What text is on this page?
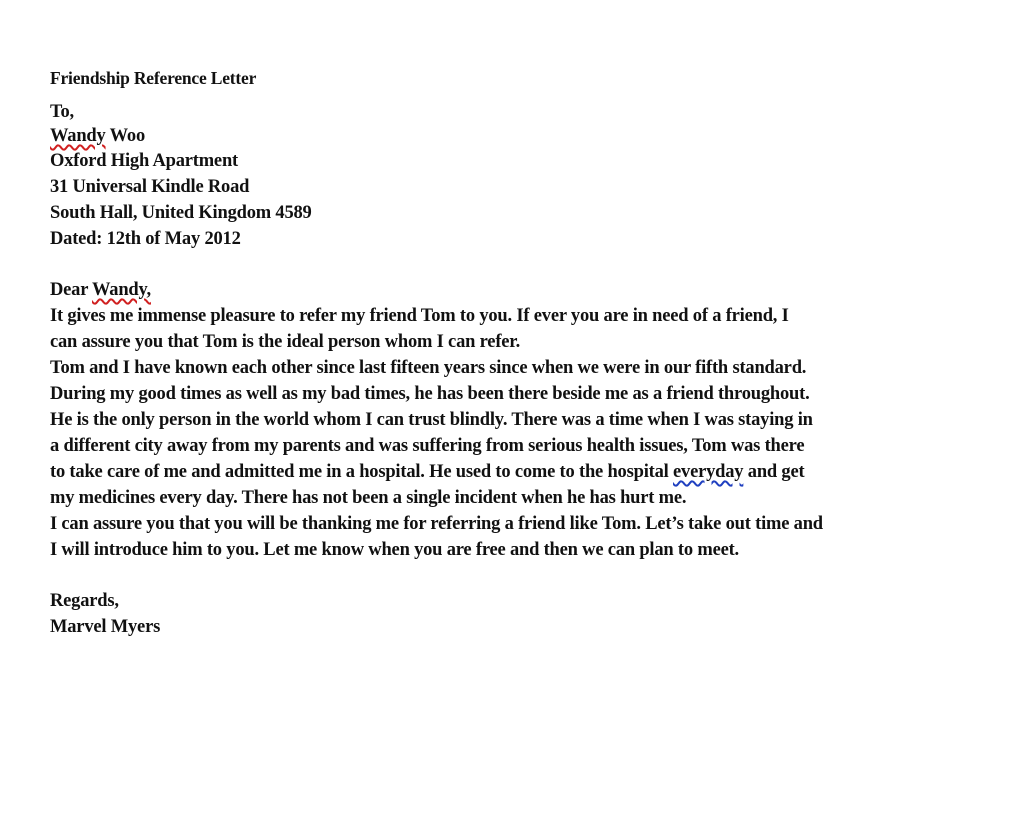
Friendship Reference Letter
To,
Wandy Woo
Oxford High Apartment
31 Universal Kindle Road
South Hall, United Kingdom 4589
Dated: 12th of May 2012
Dear Wandy,
It gives me immense pleasure to refer my friend Tom to you. If ever you are in need of a friend, I
can assure you that Tom is the ideal person whom I can refer.
Tom and I have known each other since last fifteen years since when we were in our fifth standard.
During my good times as well as my bad times, he has been there beside me as a friend throughout.
He is the only person in the world whom I can trust blindly. There was a time when I was staying in
a different city away from my parents and was suffering from serious health issues, Tom was there
to take care of me and admitted me in a hospital. He used to come to the hospital everyday and get
my medicines every day. There has not been a single incident when he has hurt me.
I can assure you that you will be thanking me for referring a friend like Tom. Let’s take out time and
I will introduce him to you. Let me know when you are free and then we can plan to meet.
Regards,
Marvel Myers
